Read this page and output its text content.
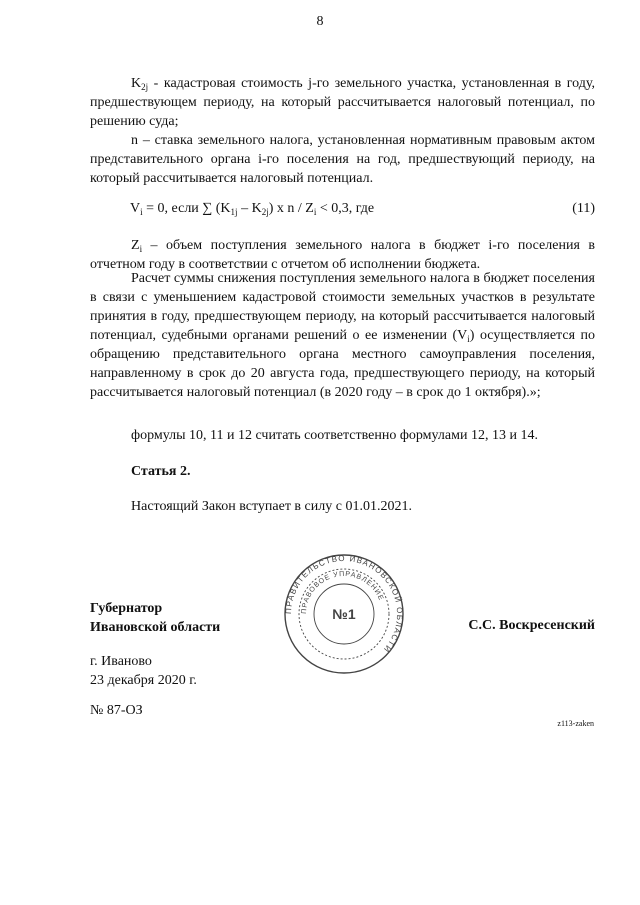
8
$K_{2j}$ - кадастровая стоимость j-го земельного участка, установленная в году, предшествующем периоду, на который рассчитывается налоговый потенциал, по решению суда;
n – ставка земельного налога, установленная нормативным правовым актом представительного органа i-го поселения на год, предшествующий периоду, на который рассчитывается налоговый потенциал.
$V_i = 0$, если ∑ $(K_{1j} - K_{2j})$ x $n / Z_i < 0,3$, где	(11)
$Z_i$ – объем поступления земельного налога в бюджет i-го поселения в отчетном году в соответствии с отчетом об исполнении бюджета.
Расчет суммы снижения поступления земельного налога в бюджет поселения в связи с уменьшением кадастровой стоимости земельных участков в результате принятия в году, предшествующем периоду, на который рассчитывается налоговый потенциал, судебными органами решений о ее изменении $(V_i)$ осуществляется по обращению представительного органа местного самоуправления поселения, направленному в срок до 20 августа года, предшествующего периоду, на который рассчитывается налоговый потенциал (в 2020 году – в срок до 1 октября).»;
формулы 10, 11 и 12 считать соответственно формулами 12, 13 и 14.
Статья 2.
Настоящий Закон вступает в силу с 01.01.2021.
Губернатор
Ивановской области	С.С. Воскресенский
ПРАВИТЕЛЬСТВО ИВАНОВСКОЙ ОБЛАСТИ
ПРАВОВОЕ УПРАВЛЕНИЕ
№1
г. Иваново
23 декабря 2020 г.
№ 87-ОЗ
z113-zaken
